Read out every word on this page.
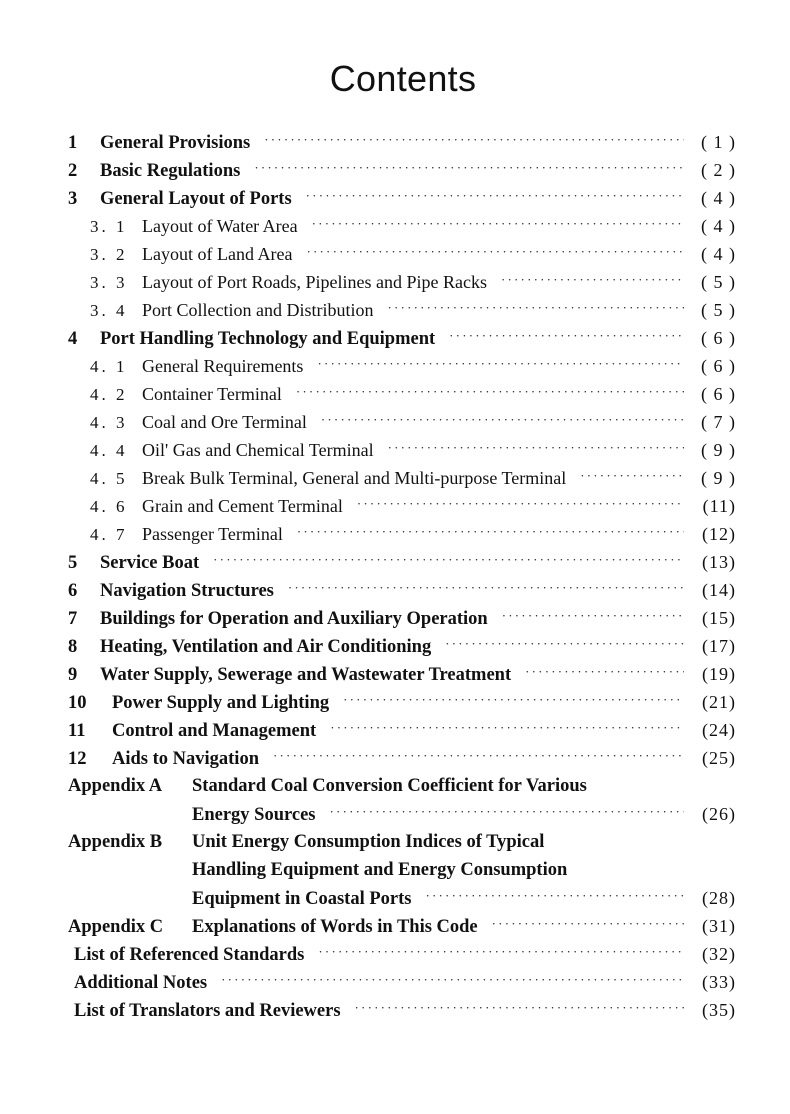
Contents
1	General Provisions ·····	( 1 )
2	Basic Regulations ·····	( 2 )
3	General Layout of Ports ·····	( 4 )
3. 1 Layout of Water Area ·····	( 4 )
3. 2 Layout of Land Area ·····	( 4 )
3. 3 Layout of Port Roads, Pipelines and Pipe Racks ·····	( 5 )
3. 4 Port Collection and Distribution ·····	( 5 )
4	Port Handling Technology and Equipment ·····	( 6 )
4. 1 General Requirements ·····	( 6 )
4. 2 Container Terminal ·····	( 6 )
4. 3 Coal and Ore Terminal ·····	( 7 )
4. 4 Oil' Gas and Chemical Terminal ·····	( 9 )
4. 5 Break Bulk Terminal, General and Multi-purpose Terminal ·····	( 9 )
4. 6 Grain and Cement Terminal ·····	(11)
4. 7 Passenger Terminal ·····	(12)
5	Service Boat ·····	(13)
6	Navigation Structures ·····	(14)
7	Buildings for Operation and Auxiliary Operation ·····	(15)
8	Heating, Ventilation and Air Conditioning ·····	(17)
9	Water Supply, Sewerage and Wastewater Treatment ·····	(19)
10	Power Supply and Lighting ·····	(21)
11	Control and Management ·····	(24)
12	Aids to Navigation ·····	(25)
Appendix A	Standard Coal Conversion Coefficient for Various
Energy Sources ·····	(26)
Appendix B	Unit Energy Consumption Indices of Typical
Handling Equipment and Energy Consumption
Equipment in Coastal Ports ·····	(28)
Appendix C	Explanations of Words in This Code ·····	(31)
List of Referenced Standards ·····	(32)
Additional Notes ·····	(33)
List of Translators and Reviewers ·····	(35)
